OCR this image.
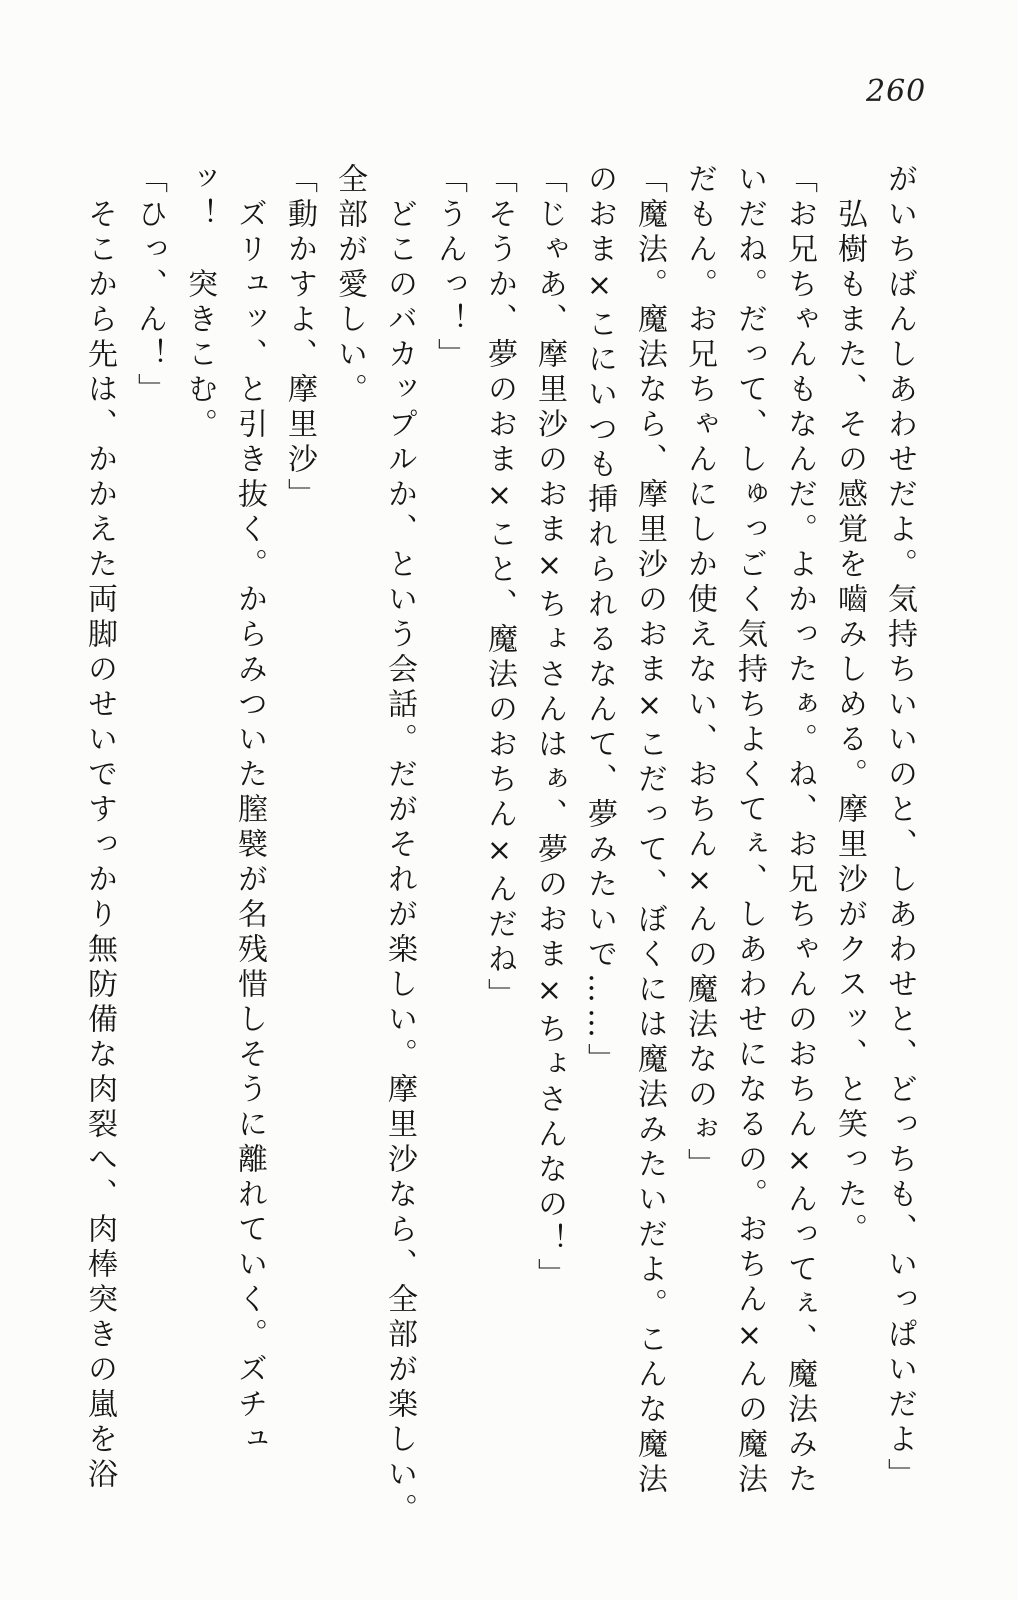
260
がいちばんしあわせだよ。気持ちいいのと、しあわせと、どっちも、いっぱいだよ」
　弘樹もまた、その感覚を嚙みしめる。摩里沙がクスッ、と笑った。
「お兄ちゃんもなんだ。よかったぁ。ね、お兄ちゃんのおちん×んってぇ、魔法みた
いだね。だって、しゅっごく気持ちよくてぇ、しあわせになるの。おちん×んの魔法
だもん。お兄ちゃんにしか使えない、おちん×んの魔法なのぉ」
「魔法。魔法なら、摩里沙のおま×こだって、ぼくには魔法みたいだよ。こんな魔法
のおま×こにいつも挿れられるなんて、夢みたいで……」
「じゃあ、摩里沙のおま×ちょさんはぁ、夢のおま×ちょさんなの！」
「そうか、夢のおま×こと、魔法のおちん×んだね」
「うんっ！」
　どこのバカップルか、という会話。だがそれが楽しい。摩里沙なら、全部が楽しい。
全部が愛しい。
「動かすよ、摩里沙」
　ズリュッ、と引き抜く。からみついた膣襞が名残惜しそうに離れていく。ズチュ
ッ！　突きこむ。
「ひっ、ん！」
　そこから先は、かかえた両脚のせいですっかり無防備な肉裂へ、肉棒突きの嵐を浴
